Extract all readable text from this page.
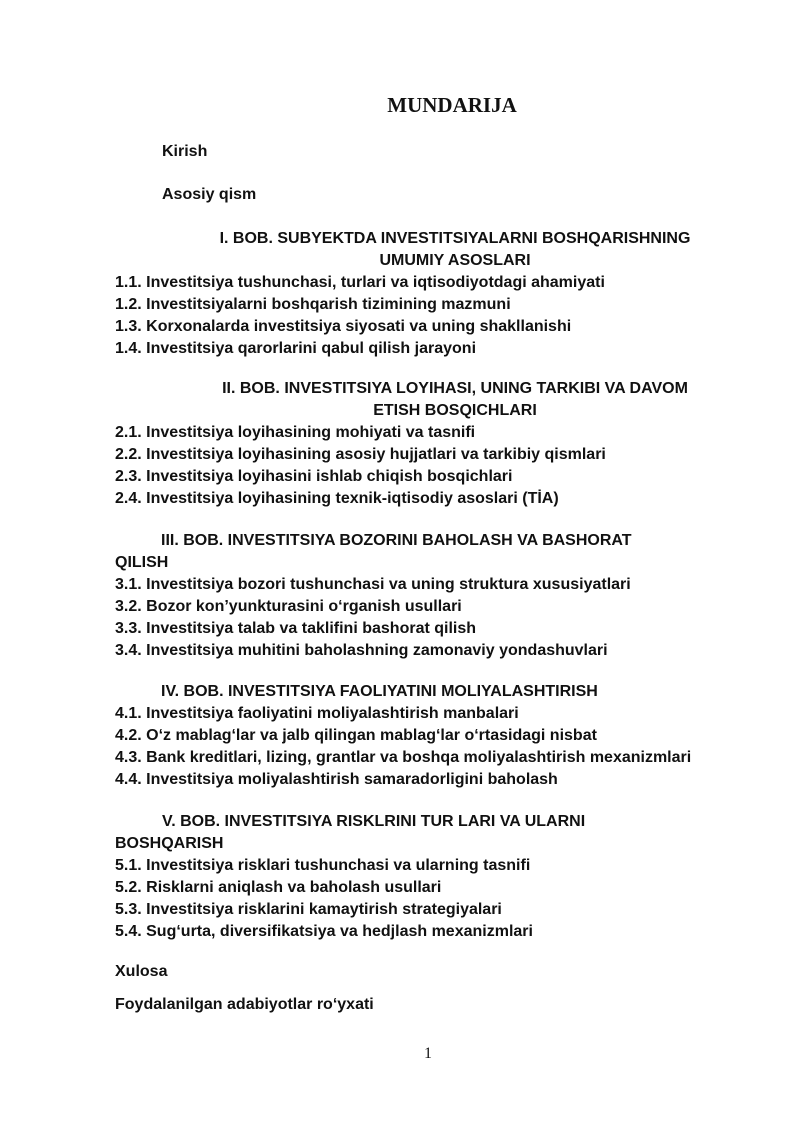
MUNDARIJA
Kirish
Asosiy qism
I. BOB. SUBYEKTDA INVESTITSIYALARNI BOSHQARISHNING
UMUMIY ASOSLARI
1.1. Investitsiya tushunchasi, turlari va iqtisodiyotdagi ahamiyati
1.2. Investitsiyalarni boshqarish tizimining mazmuni
1.3. Korxonalarda investitsiya siyosati va uning shakllanishi
1.4. Investitsiya qarorlarini qabul qilish jarayoni
II. BOB. INVESTITSIYA LOYIHASI, UNING TARKIBI VA DAVOM
ETISH BOSQICHLARI
2.1. Investitsiya loyihasining mohiyati va tasnifi
2.2. Investitsiya loyihasining asosiy hujjatlari va tarkibiy qismlari
2.3. Investitsiya loyihasini ishlab chiqish bosqichlari
2.4. Investitsiya loyihasining texnik-iqtisodiy asoslari (TİA)
III. BOB. INVESTITSIYA BOZORINI BAHOLASH VA BASHORAT
QILISH
3.1. Investitsiya bozori tushunchasi va uning struktura xususiyatlari
3.2. Bozor kon’yunkturasini o‘rganish usullari
3.3. Investitsiya talab va taklifini bashorat qilish
3.4. Investitsiya muhitini baholashning zamonaviy yondashuvlari
IV. BOB. INVESTITSIYA FAOLIYATINI MOLIYALASHTIRISH
4.1. Investitsiya faoliyatini moliyalashtirish manbalari
4.2. O‘z mablag‘lar va jalb qilingan mablag‘lar o‘rtasidagi nisbat
4.3. Bank kreditlari, lizing, grantlar va boshqa moliyalashtirish mexanizmlari
4.4. Investitsiya moliyalashtirish samaradorligini baholash
V. BOB. INVESTITSIYA RISKLRINI TUR LARI VA ULARNI
BOSHQARISH
5.1. Investitsiya risklari tushunchasi va ularning tasnifi
5.2. Risklarni aniqlash va baholash usullari
5.3. Investitsiya risklarini kamaytirish strategiyalari
5.4. Sug‘urta, diversifikatsiya va hedjlash mexanizmlari
Xulosa
Foydalanilgan adabiyotlar ro‘yxati
1
